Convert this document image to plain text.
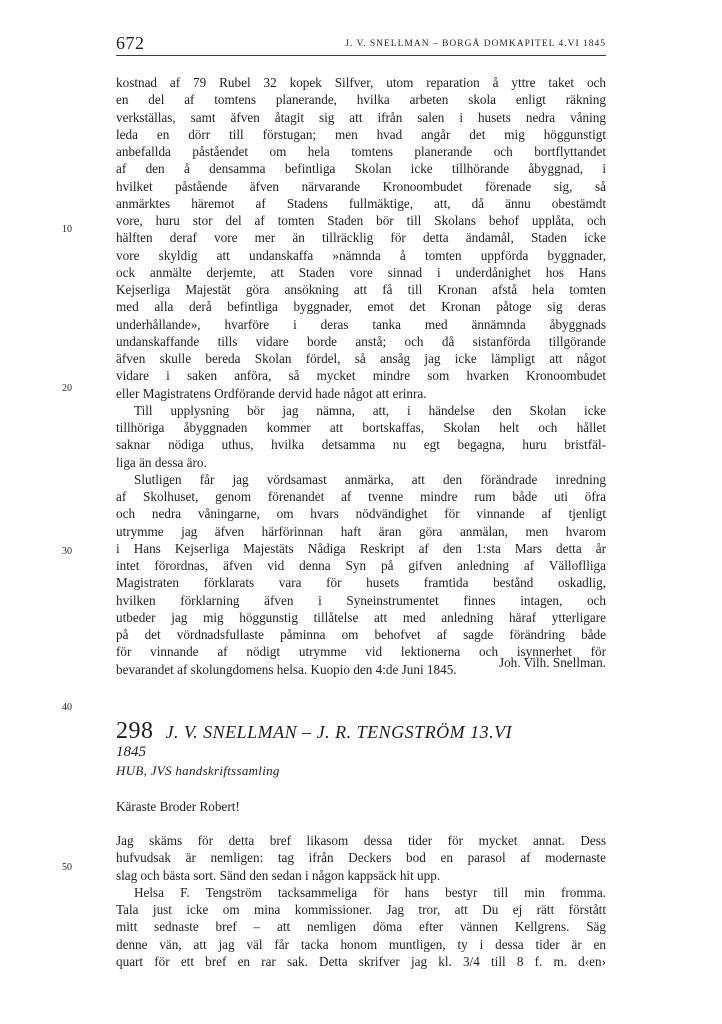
672	J. V. SNELLMAN – BORGÅ DOMKAPITEL 4.VI 1845
10
20
30
40
50
kostnad af 79 Rubel 32 kopek Silfver, utom reparation å yttre taket och
en del af tomtens planerande, hvilka arbeten skola enligt räkning
verkställas, samt äfven åtagit sig att ifrån salen i husets nedra våning
leda en dörr till förstugan; men hvad angår det mig höggunstigt
anbefallda påståendet om hela tomtens planerande och bortflyttandet
af den å densamma befintliga Skolan icke tillhörande åbyggnad, i
hvilket påstående äfven närvarande Kronoombudet förenade sig, så
anmärktes häremot af Stadens fullmäktige, att, då ännu obestämdt
vore, huru stor del af tomten Staden bör till Skolans behof upplåta, och
hälften deraf vore mer än tillräcklig för detta ändamål, Staden icke
vore skyldig att undanskaffa »nämnda å tomten uppförda byggnader,
ock anmälte derjemte, att Staden vore sinnad i underdånighet hos Hans
Kejserliga Majestät göra ansökning att få till Kronan afstå hela tomten
med alla derå befintliga byggnader, emot det Kronan påtoge sig deras
underhållande», hvarföre i deras tanka med ännämnda åbyggnads
undanskaffande tills vidare borde anstå; och då sistanförda tillgörande
äfven skulle bereda Skolan fördel, så ansåg jag icke lämpligt att något
vidare i saken anföra, så mycket mindre som hvarken Kronoombudet
eller Magistratens Ordförande dervid hade något att erinra.
Till upplysning bör jag nämna, att, i händelse den Skolan icke
tillhöriga åbyggnaden kommer att bortskaffas, Skolan helt och hållet
saknar nödiga uthus, hvilka detsamma nu egt begagna, huru bristfäl-
liga än dessa äro.
Slutligen får jag vördsamast anmärka, att den förändrade inredning
af Skolhuset, genom förenandet af tvenne mindre rum både uti öfra
och nedra våningarne, om hvars nödvändighet för vinnande af tjenligt
utrymme jag äfven härförinnan haft äran göra anmälan, men hvarom
i Hans Kejserliga Majestäts Nådiga Reskript af den 1:sta Mars detta år
intet förordnas, äfven vid denna Syn på gifven anledning af Välloflliga
Magistraten förklarats vara för husets framtida bestånd oskadlig,
hvilken förklarning äfven i Syneinstrumentet finnes intagen, och
utbeder jag mig höggunstig tillåtelse att med anledning häraf ytterligare
på det vördnadsfullaste påminna om behofvet af sagde förändring både
för vinnande af nödigt utrymme vid lektionerna och isynnerhet för
bevarandet af skolungdomens helsa. Kuopio den 4:de Juni 1845.	Joh. Vilh. Snellman.
298 J. V. SNELLMAN – J. R. TENGSTRÖM 13.VI
1845
HUB, JVS handskriftssamling
Käraste Broder Robert!
Jag skäms för detta bref likasom dessa tider för mycket annat. Dess
hufvudsak är nemligen: tag ifrån Deckers bod en parasol af modernaste
slag och bästa sort. Sänd den sedan i någon kappsäck hit upp.
Helsa F. Tengström tacksammeliga för hans bestyr till min fromma.
Tala just icke om mina kommissioner. Jag tror, att Du ej rätt förstått
mitt sednaste bref – att nemligen döma efter vännen Kellgrens. Säg
denne vän, att jag väl får tacka honom muntligen, ty i dessa tider är en
quart för ett bref en rar sak. Detta skrifver jag kl. 3/4 till 8 f. m. d‹en›
